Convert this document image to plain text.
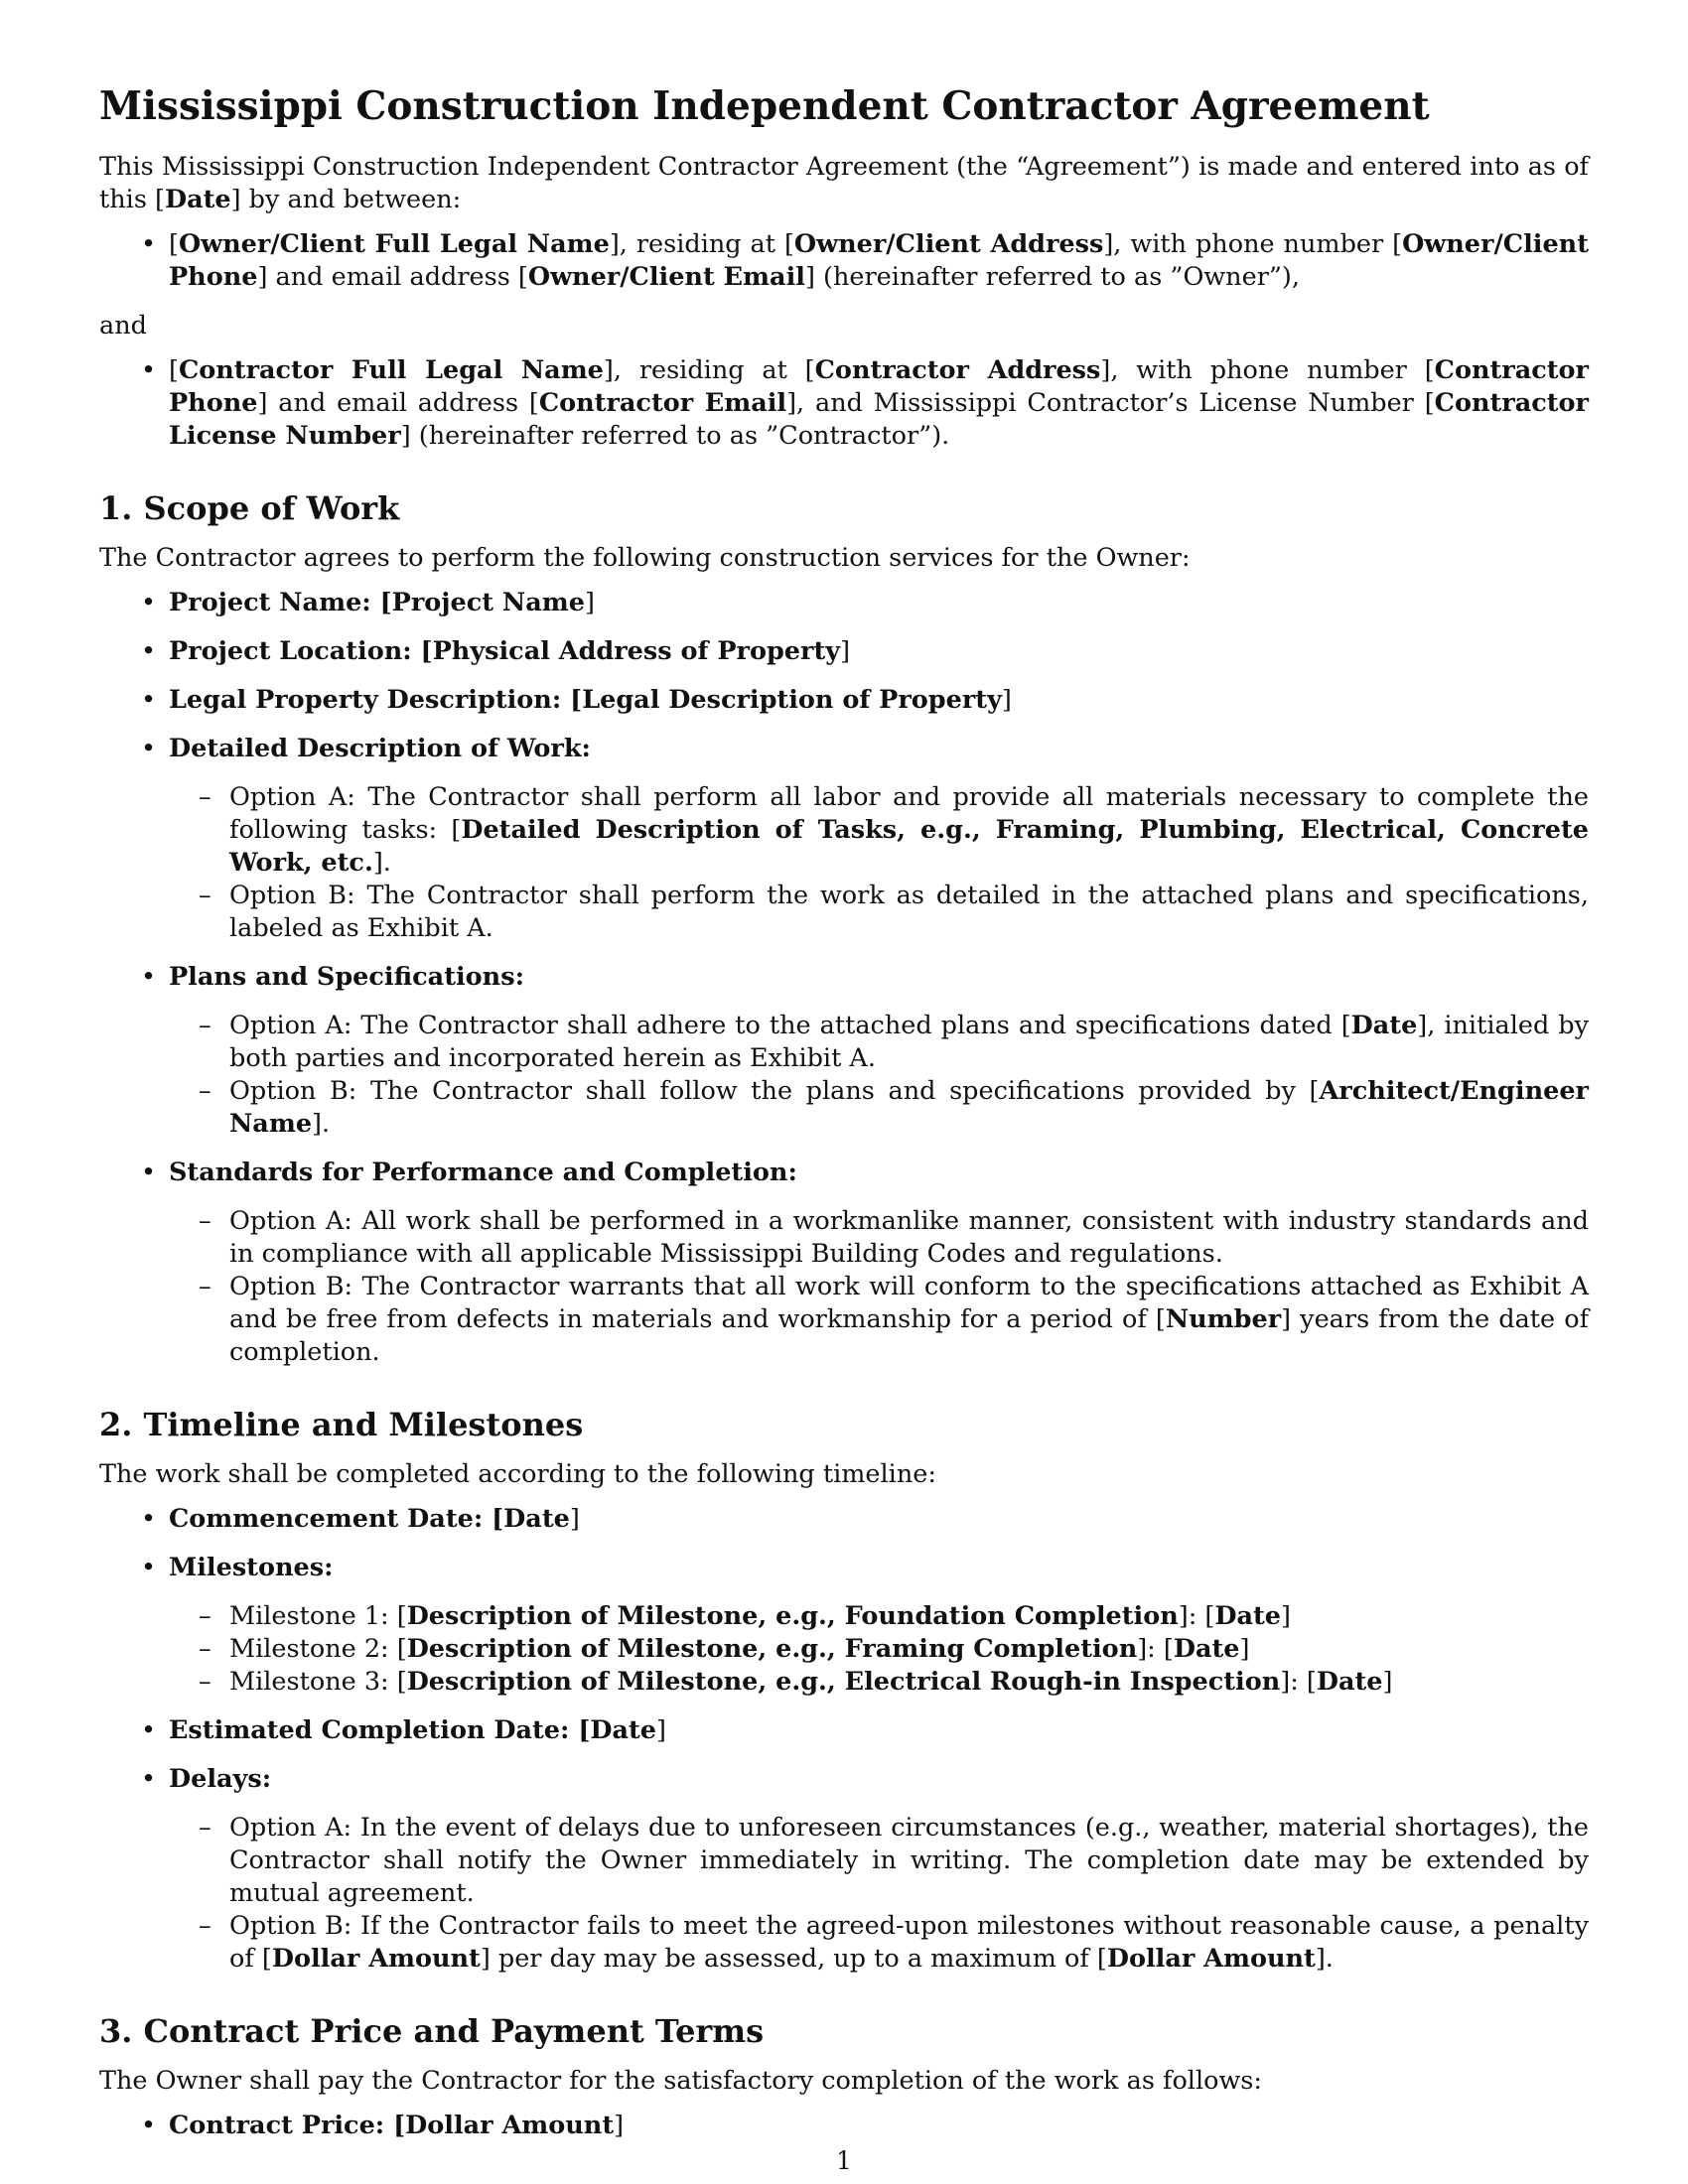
Mississippi Construction Independent Contractor Agreement

This Mississippi Construction Independent Contractor Agreement (the “Agreement”) is made and entered into as of this [Date] by and between:

• [Owner/Client Full Legal Name], residing at [Owner/Client Address], with phone number [Owner/Client Phone] and email address [Owner/Client Email] (hereinafter referred to as ”Owner”),
and
• [Contractor Full Legal Name], residing at [Contractor Address], with phone number [Contractor Phone] and email address [Contractor Email], and Mississippi Contractor’s License Number [Contractor License Number] (hereinafter referred to as ”Contractor”).
1. Scope of Work

The Contractor agrees to perform the following construction services for the Owner:

• Project Name: [Project Name]
• Project Location: [Physical Address of Property]
• Legal Property Description: [Legal Description of Property]
• Detailed Description of Work:
– Option A: The Contractor shall perform all labor and provide all materials necessary to complete the following tasks: [Detailed Description of Tasks, e.g., Framing, Plumbing, Electrical, Concrete Work, etc.].
– Option B: The Contractor shall perform the work as detailed in the attached plans and specifications, labeled as Exhibit A.
• Plans and Specifications:
– Option A: The Contractor shall adhere to the attached plans and specifications dated [Date], initialed by both parties and incorporated herein as Exhibit A.
– Option B: The Contractor shall follow the plans and specifications provided by [Architect/Engineer Name].
• Standards for Performance and Completion:
– Option A: All work shall be performed in a workmanlike manner, consistent with industry standards and in compliance with all applicable Mississippi Building Codes and regulations.
– Option B: The Contractor warrants that all work will conform to the specifications attached as Exhibit A and be free from defects in materials and workmanship for a period of [Number] years from the date of completion.
2. Timeline and Milestones

The work shall be completed according to the following timeline:

• Commencement Date: [Date]
• Milestones:
– Milestone 1: [Description of Milestone, e.g., Foundation Completion]: [Date]
– Milestone 2: [Description of Milestone, e.g., Framing Completion]: [Date]
– Milestone 3: [Description of Milestone, e.g., Electrical Rough-in Inspection]: [Date]
• Estimated Completion Date: [Date]
• Delays:
– Option A: In the event of delays due to unforeseen circumstances (e.g., weather, material shortages), the Contractor shall notify the Owner immediately in writing. The completion date may be extended by mutual agreement.
– Option B: If the Contractor fails to meet the agreed-upon milestones without reasonable cause, a penalty of [Dollar Amount] per day may be assessed, up to a maximum of [Dollar Amount].
3. Contract Price and Payment Terms

The Owner shall pay the Contractor for the satisfactory completion of the work as follows:

• Contract Price: [Dollar Amount]
1
